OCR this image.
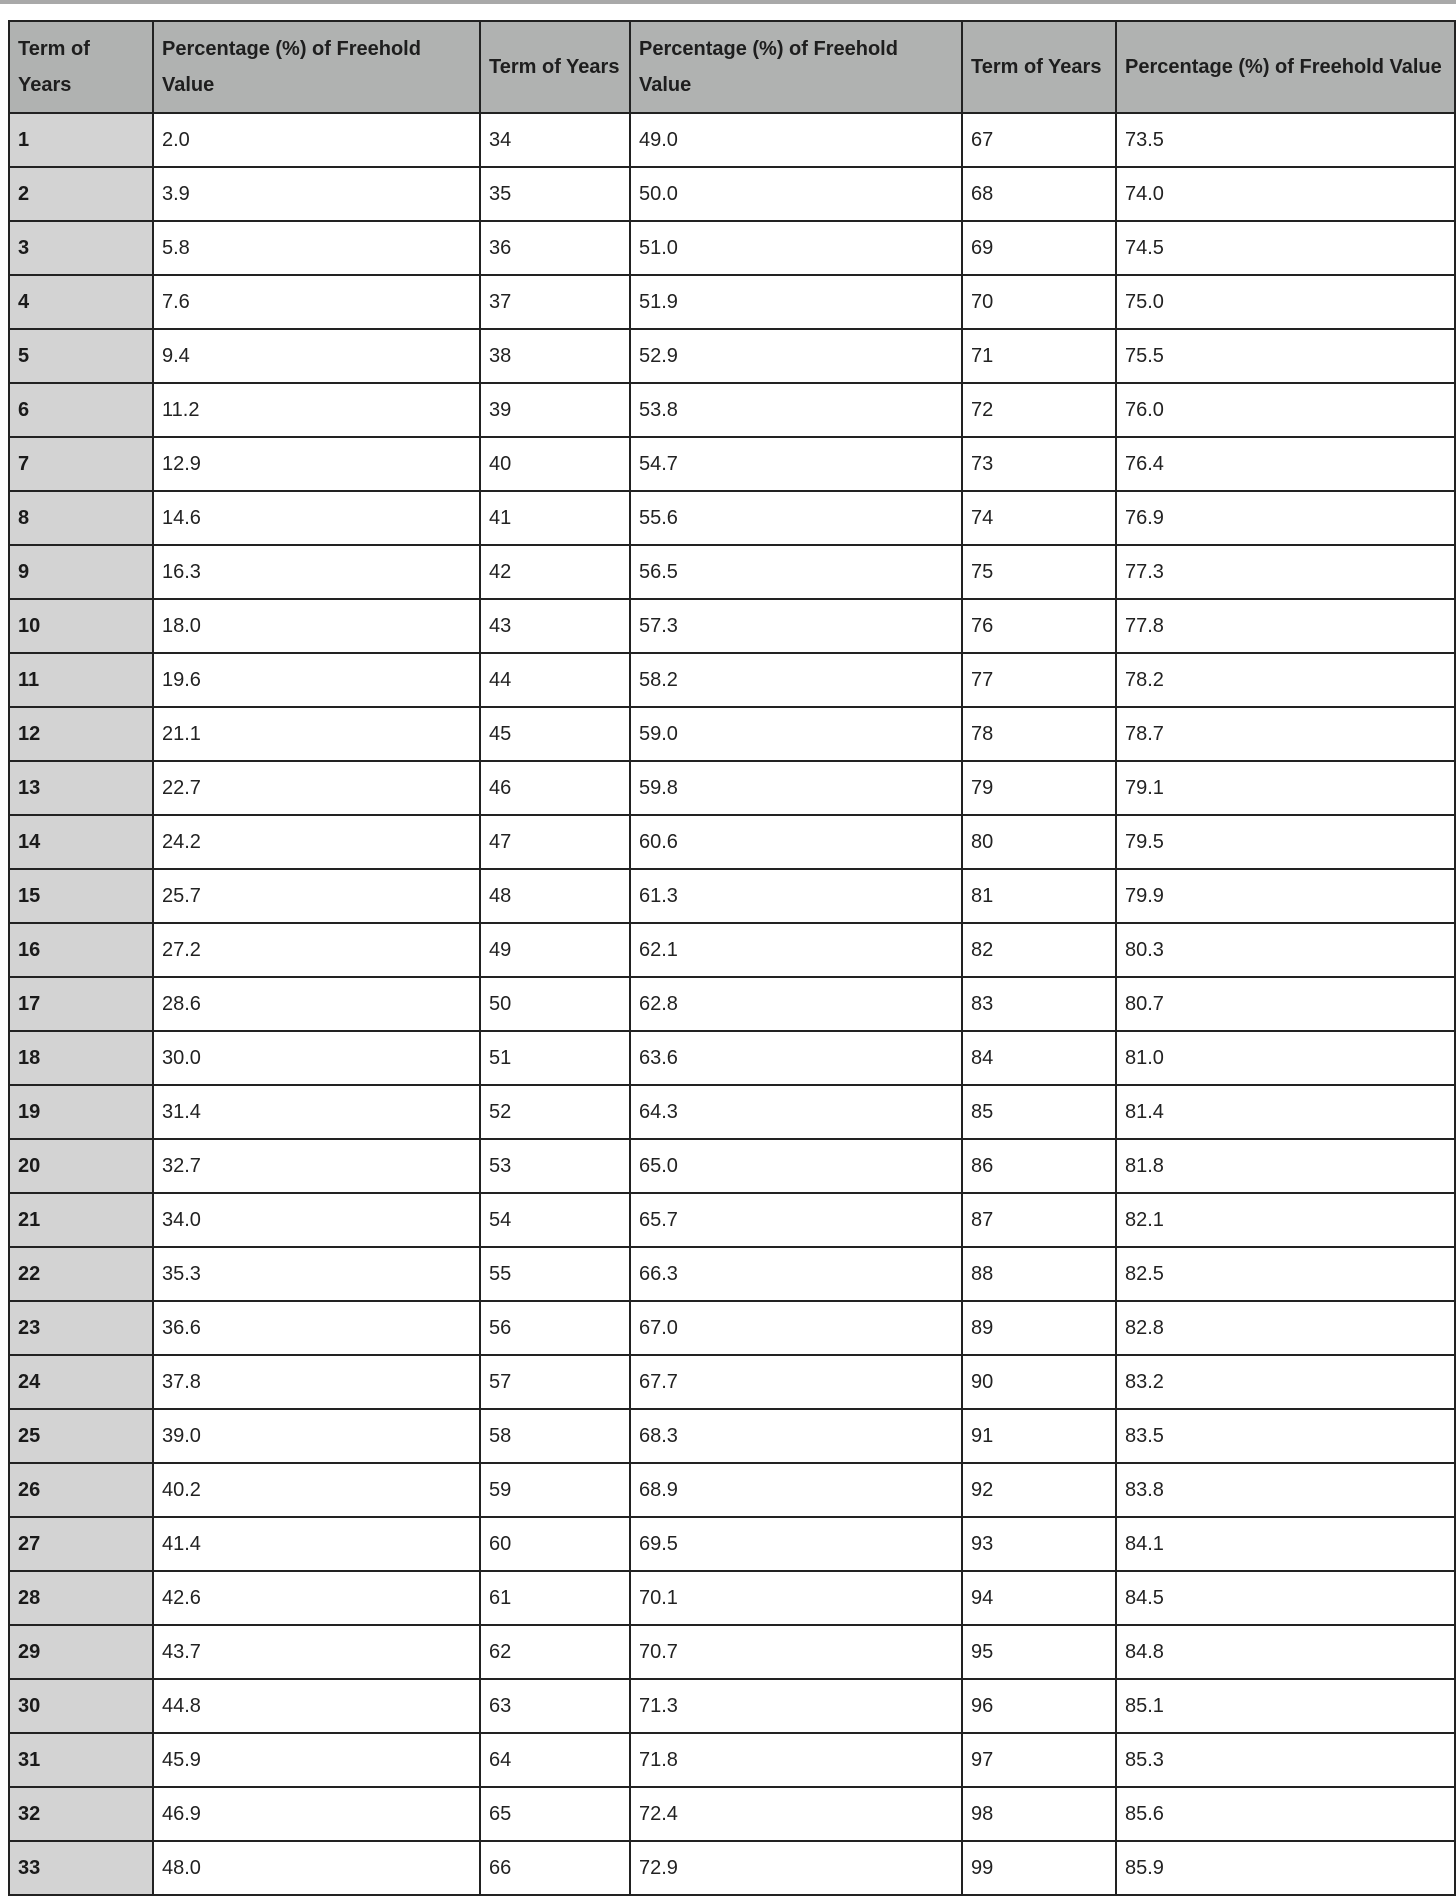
Term of Years	Percentage (%) of Freehold Value	Term of Years	Percentage (%) of Freehold Value	Term of Years	Percentage (%) of Freehold Value
1	2.0	34	49.0	67	73.5
2	3.9	35	50.0	68	74.0
3	5.8	36	51.0	69	74.5
4	7.6	37	51.9	70	75.0
5	9.4	38	52.9	71	75.5
6	11.2	39	53.8	72	76.0
7	12.9	40	54.7	73	76.4
8	14.6	41	55.6	74	76.9
9	16.3	42	56.5	75	77.3
10	18.0	43	57.3	76	77.8
11	19.6	44	58.2	77	78.2
12	21.1	45	59.0	78	78.7
13	22.7	46	59.8	79	79.1
14	24.2	47	60.6	80	79.5
15	25.7	48	61.3	81	79.9
16	27.2	49	62.1	82	80.3
17	28.6	50	62.8	83	80.7
18	30.0	51	63.6	84	81.0
19	31.4	52	64.3	85	81.4
20	32.7	53	65.0	86	81.8
21	34.0	54	65.7	87	82.1
22	35.3	55	66.3	88	82.5
23	36.6	56	67.0	89	82.8
24	37.8	57	67.7	90	83.2
25	39.0	58	68.3	91	83.5
26	40.2	59	68.9	92	83.8
27	41.4	60	69.5	93	84.1
28	42.6	61	70.1	94	84.5
29	43.7	62	70.7	95	84.8
30	44.8	63	71.3	96	85.1
31	45.9	64	71.8	97	85.3
32	46.9	65	72.4	98	85.6
33	48.0	66	72.9	99	85.9
